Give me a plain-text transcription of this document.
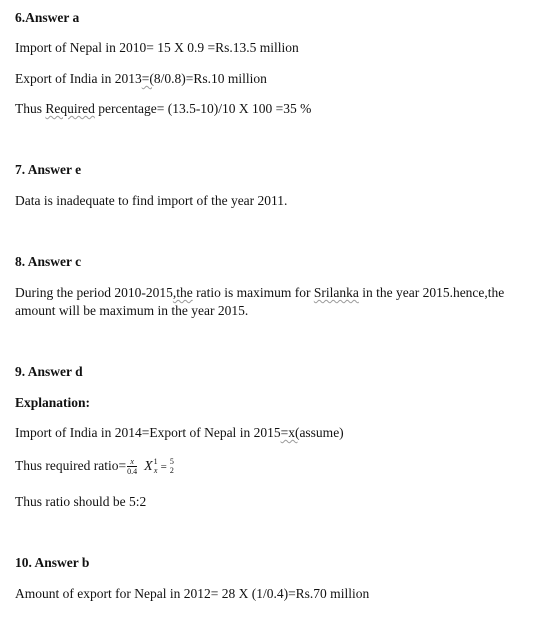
6.Answer a
Import of Nepal in 2010= 15 X 0.9 =Rs.13.5 million
Export of India in 2013=(8/0.8)=Rs.10 million
Thus Required percentage= (13.5-10)/10 X 100 =35 %
7. Answer e
Data is inadequate to find import of the year 2011.
8. Answer c
During the period 2010-2015,the ratio is maximum for Srilanka in the year 2015.hence,the
amount will be maximum in the year 2015.
9. Answer d
Explanation:
Import of India in 2014=Export of Nepal in 2015=x(assume)
Thus required ratio= $\frac{x}{0.4}$ X 1
x = 5
2
Thus ratio should be 5:2
10. Answer b
Amount of export for Nepal in 2012= 28 X (1/0.4)=Rs.70 million
